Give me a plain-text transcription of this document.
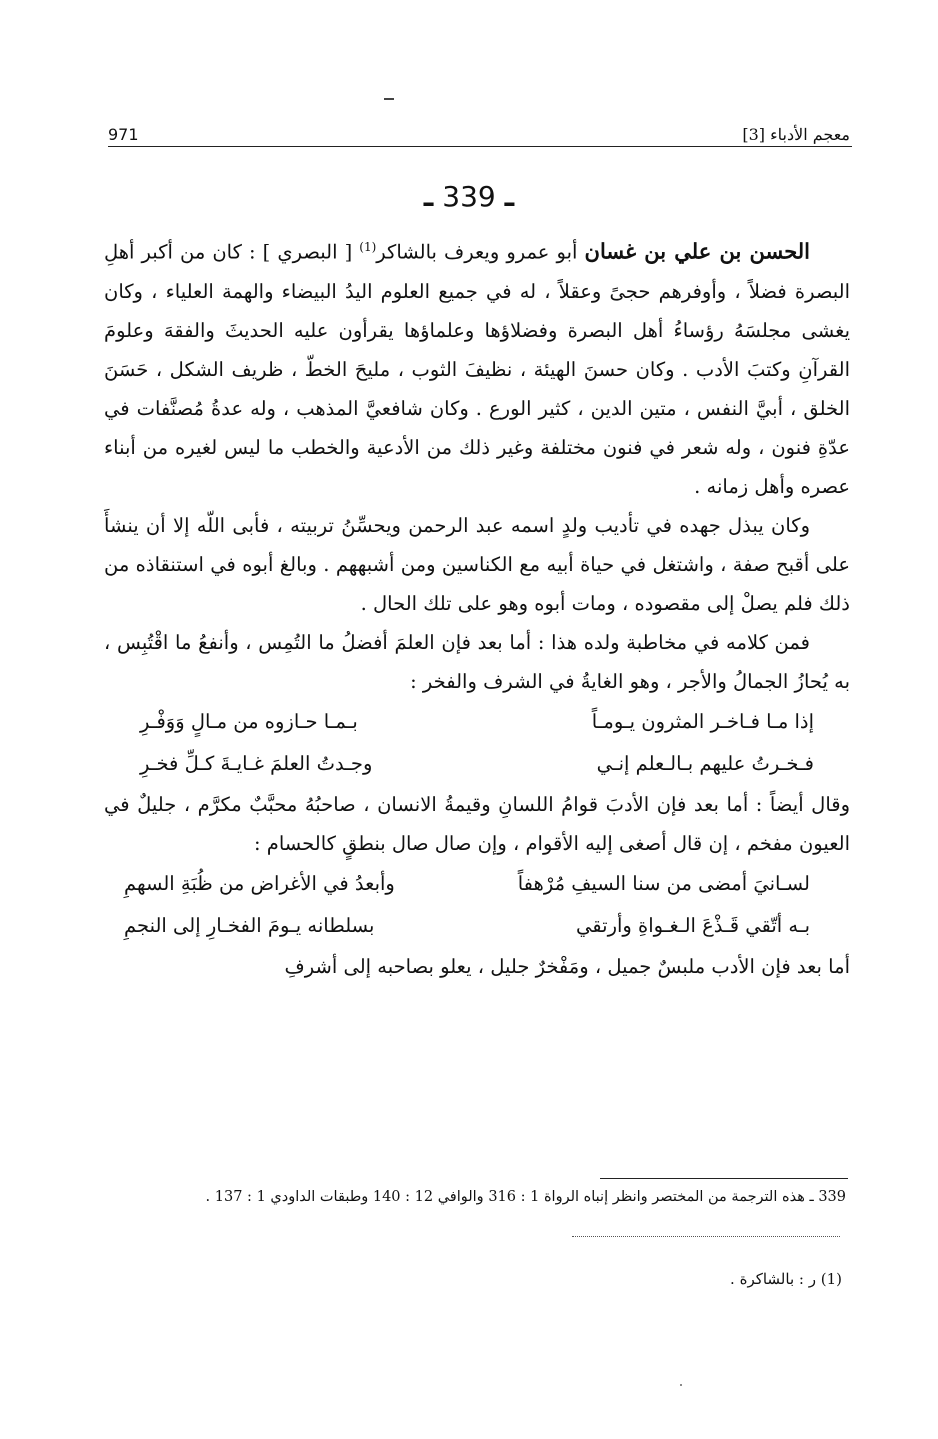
971	معجم الأدباء [3]
ـ 339 ـ

الحسن بن علي بن غسان أبو عمرو ويعرف بالشاكر$^{(1)}$ [ البصري ] : كان من أكبر أهلِ البصرة فضلاً ، وأوفرهم حجىً وعقلاً ، له في جميع العلوم اليدُ البيضاء والهمة العلياء ، وكان يغشى مجلسَهُ رؤساءُ أهل البصرة وفضلاؤها وعلماؤها يقرأون عليه الحديثَ والفقهَ وعلومَ القرآنِ وكتبَ الأدب . وكان حسنَ الهيئة ، نظيفَ الثوب ، مليحَ الخطّ ، ظريف الشكل ، حَسَنَ الخلق ، أبيَّ النفس ، متين الدين ، كثير الورع . وكان شافعيَّ المذهب ، وله عدةُ مُصنَّفات في عدّةِ فنون ، وله شعر في فنون مختلفة وغير ذلك من الأدعية والخطب ما ليس لغيره من أبناء عصره وأهل زمانه .

وكان يبذل جهده في تأديب ولدٍ اسمه عبد الرحمن ويحسِّنُ تربيته ، فأبى اللّه إلا أن ينشأَ على أقبح صفة ، واشتغل في حياة أبيه مع الكناسين ومن أشبههم . وبالغ أبوه في استنقاذه من ذلك فلم يصلْ إلى مقصوده ، ومات أبوه وهو على تلك الحال .

فمن كلامه في مخاطبة ولده هذا : أما بعد فإن العلمَ أفضلُ ما التُمِس ، وأنفعُ ما اقْتُبِس ، به يُحازُ الجمالُ والأجر ، وهو الغايةُ في الشرف والفخر :

إذا مـا فـاخـر المثرون يـومـاً
بـمـا حـازوه من مـالٍ وَوَفْـرِ
فـخـرتُ عليهم بـالـعلم إنـي
وجـدتُ العلمَ غـايـةَ كـلِّ فخـرِ

وقال أيضاً : أما بعد فإن الأدبَ قوامُ اللسانِ وقيمةُ الانسان ، صاحبُهُ محبَّبٌ مكرَّم ، جليلٌ في العيون مفخم ، إن قال أصغى إليه الأقوام ، وإن صال صال بنطقٍ كالحسام :

لسـانيَ أمضى من سنا السيفِ مُرْهفاً
وأبعدُ في الأغراض من ظُبَةِ السهمِ
بـه أتّقي قَـذْعَ الـغـواةِ وأرتقي
بسلطانه يـومَ الفخـارِ إلى النجمِ

أما بعد فإن الأدب ملبسٌ جميل ، ومَفْخرٌ جليل ، يعلو بصاحبه إلى أشرفِ

339 ـ هذه الترجمة من المختصر وانظر إنباه الرواة 1 : 316 والوافي 12 : 140 وطبقات الداودي 1 : 137 .
(1) ر : بالشاكرة .
